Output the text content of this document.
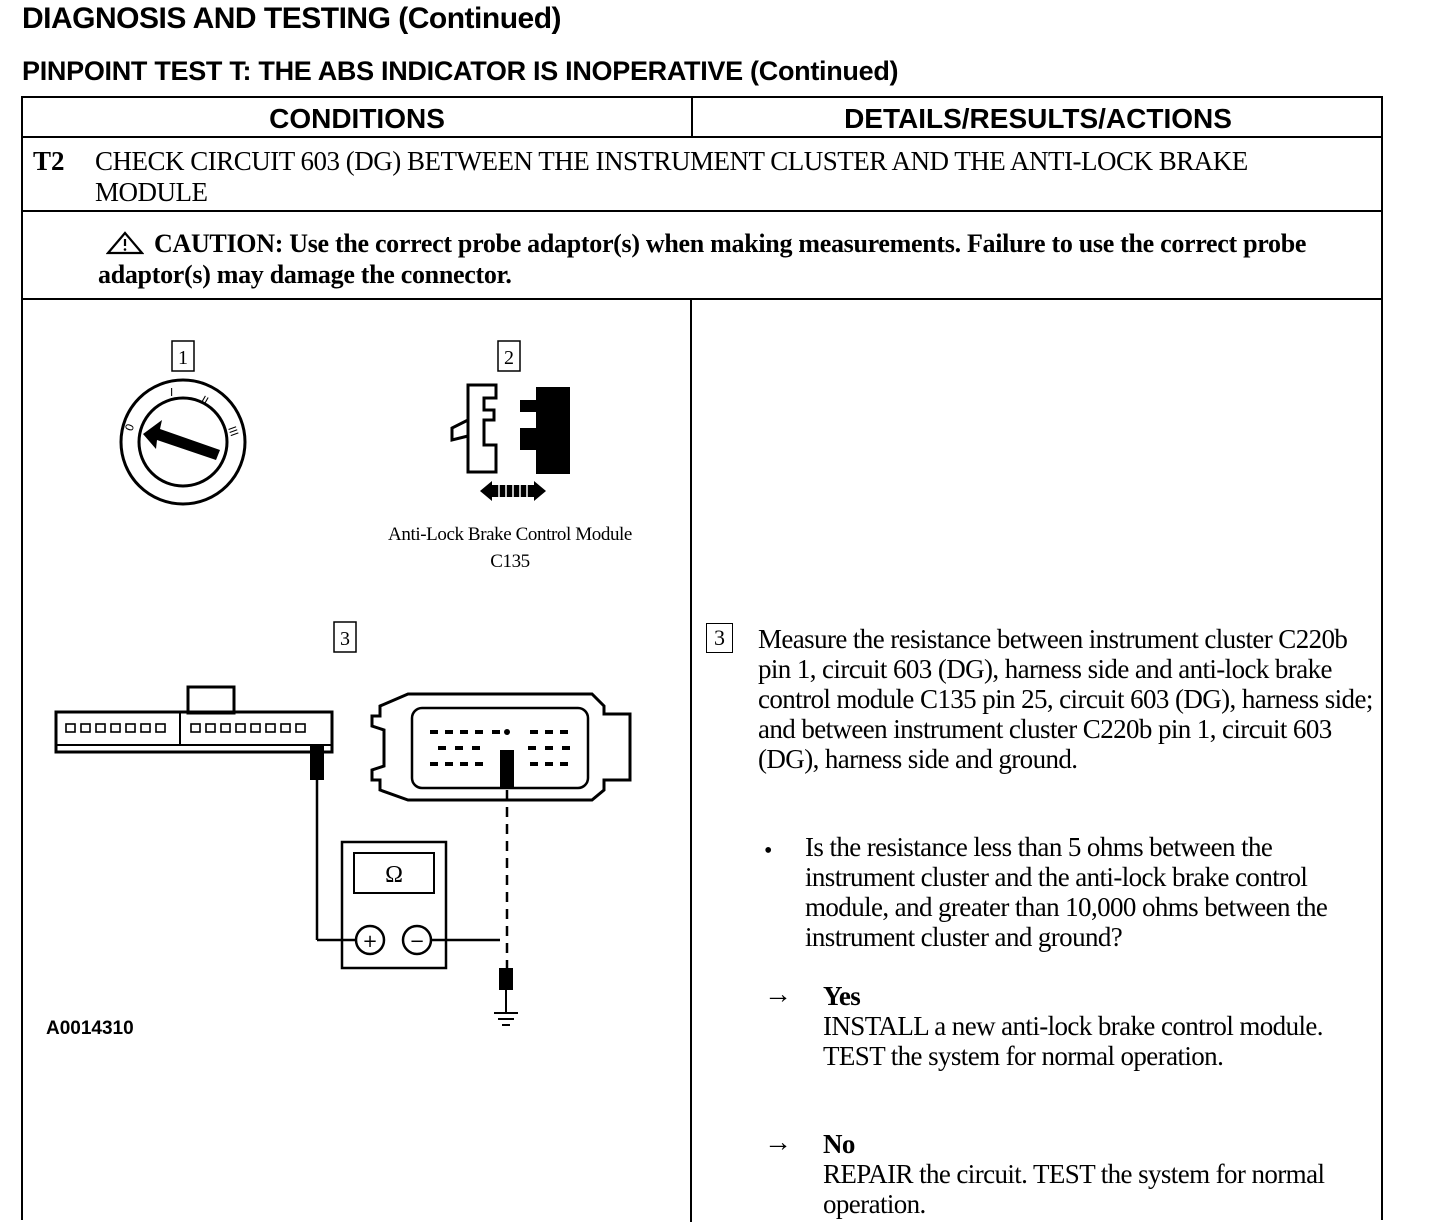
DIAGNOSIS AND TESTING (Continued)
PINPOINT TEST T: THE ABS INDICATOR IS INOPERATIVE (Continued)
CONDITIONS	DETAILS/RESULTS/ACTIONS
T2 CHECK CIRCUIT 603 (DG) BETWEEN THE INSTRUMENT CLUSTER AND THE ANTI-LOCK BRAKE MODULE
CAUTION: Use the correct probe adaptor(s) when making measurements. Failure to use the correct probe adaptor(s) may damage the connector.
1
0
I
II
III
2
3
Ω
+ −
Anti-Lock Brake Control Module
C135
A0014310
3 Measure the resistance between instrument cluster C220b pin 1, circuit 603 (DG), harness side and anti-lock brake control module C135 pin 25, circuit 603 (DG), harness side; and between instrument cluster C220b pin 1, circuit 603 (DG), harness side and ground.
• Is the resistance less than 5 ohms between the instrument cluster and the anti-lock brake control module, and greater than 10,000 ohms between the instrument cluster and ground?
→ Yes
INSTALL a new anti-lock brake control module. TEST the system for normal operation.
→ No
REPAIR the circuit. TEST the system for normal operation.
